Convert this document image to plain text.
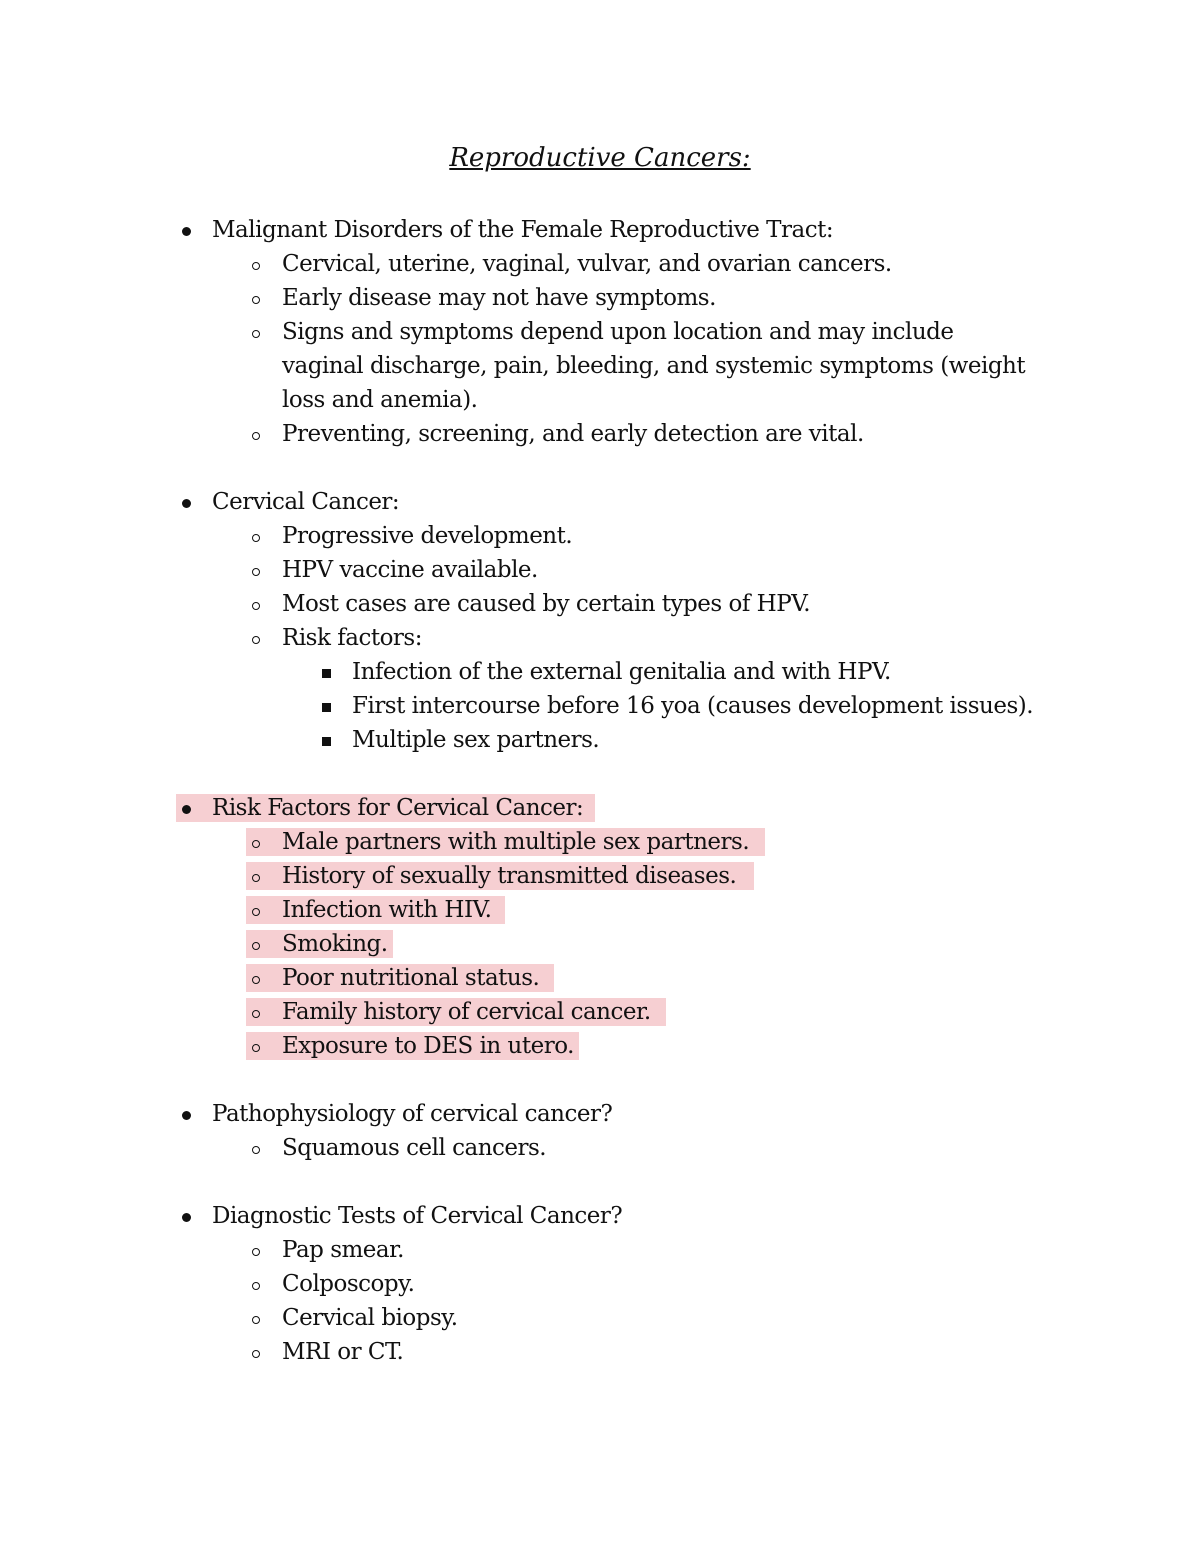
Reproductive Cancers:
Malignant Disorders of the Female Reproductive Tract:
Cervical, uterine, vaginal, vulvar, and ovarian cancers.
Early disease may not have symptoms.
Signs and symptoms depend upon location and may include
vaginal discharge, pain, bleeding, and systemic symptoms (weight
loss and anemia).
Preventing, screening, and early detection are vital.
Cervical Cancer:
Progressive development.
HPV vaccine available.
Most cases are caused by certain types of HPV.
Risk factors:
Infection of the external genitalia and with HPV.
First intercourse before 16 yoa (causes development issues).
Multiple sex partners.
Risk Factors for Cervical Cancer:
Male partners with multiple sex partners.
History of sexually transmitted diseases.
Infection with HIV.
Smoking.
Poor nutritional status.
Family history of cervical cancer.
Exposure to DES in utero.
Pathophysiology of cervical cancer?
Squamous cell cancers.
Diagnostic Tests of Cervical Cancer?
Pap smear.
Colposcopy.
Cervical biopsy.
MRI or CT.
